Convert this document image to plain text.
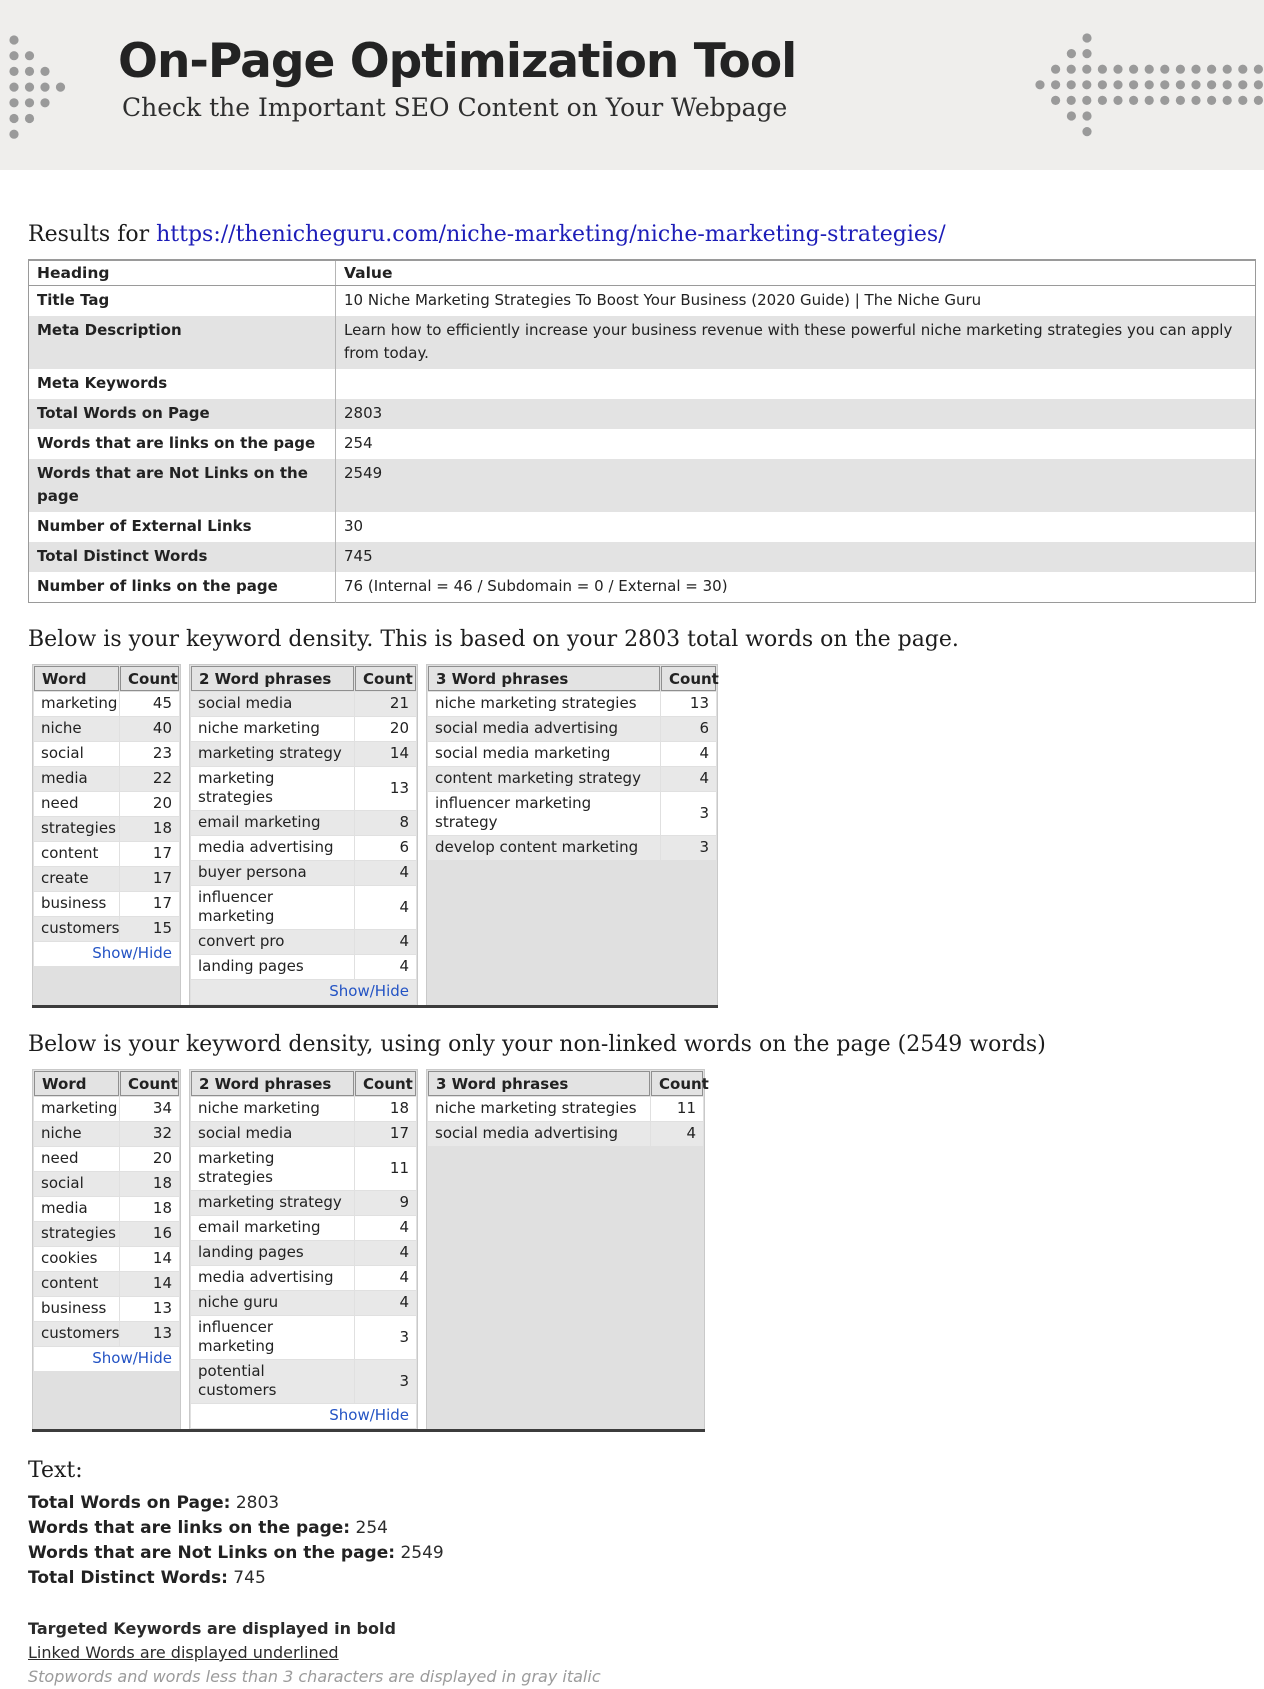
On-Page Optimization Tool
Check the Important SEO Content on Your Webpage
Results for https://thenicheguru.com/niche-marketing/niche-marketing-strategies/
Heading	Value
Title Tag	10 Niche Marketing Strategies To Boost Your Business (2020 Guide) | The Niche Guru
Meta Description	Learn how to efficiently increase your business revenue with these powerful niche marketing strategies you can apply from today.
Meta Keywords	
Total Words on Page	2803
Words that are links on the page	254
Words that are Not Links on the page	2549
Number of External Links	30
Total Distinct Words	745
Number of links on the page	76 (Internal = 46 / Subdomain = 0 / External = 30)
Below is your keyword density. This is based on your 2803 total words on the page.
Word	Count
marketing	45
niche	40
social	23
media	22
need	20
strategies	18
content	17
create	17
business	17
customers	15
Show/Hide	
2 Word phrases	Count
social media	21
niche marketing	20
marketing strategy	14
marketing strategies	13
email marketing	8
media advertising	6
buyer persona	4
influencer marketing	4
convert pro	4
landing pages	4
Show/Hide	
3 Word phrases	Count
niche marketing strategies	13
social media advertising	6
social media marketing	4
content marketing strategy	4
influencer marketing strategy	3
develop content marketing	3
Below is your keyword density, using only your non-linked words on the page (2549 words)
Word	Count
marketing	34
niche	32
need	20
social	18
media	18
strategies	16
cookies	14
content	14
business	13
customers	13
Show/Hide	
2 Word phrases	Count
niche marketing	18
social media	17
marketing strategies	11
marketing strategy	9
email marketing	4
landing pages	4
media advertising	4
niche guru	4
influencer marketing	3
potential customers	3
Show/Hide	
3 Word phrases	Count
niche marketing strategies	11
social media advertising	4
Text:
Total Words on Page: 2803
Words that are links on the page: 254
Words that are Not Links on the page: 2549
Total Distinct Words: 745
Targeted Keywords are displayed in bold
Linked Words are displayed underlined
Stopwords and words less than 3 characters are displayed in gray italic
